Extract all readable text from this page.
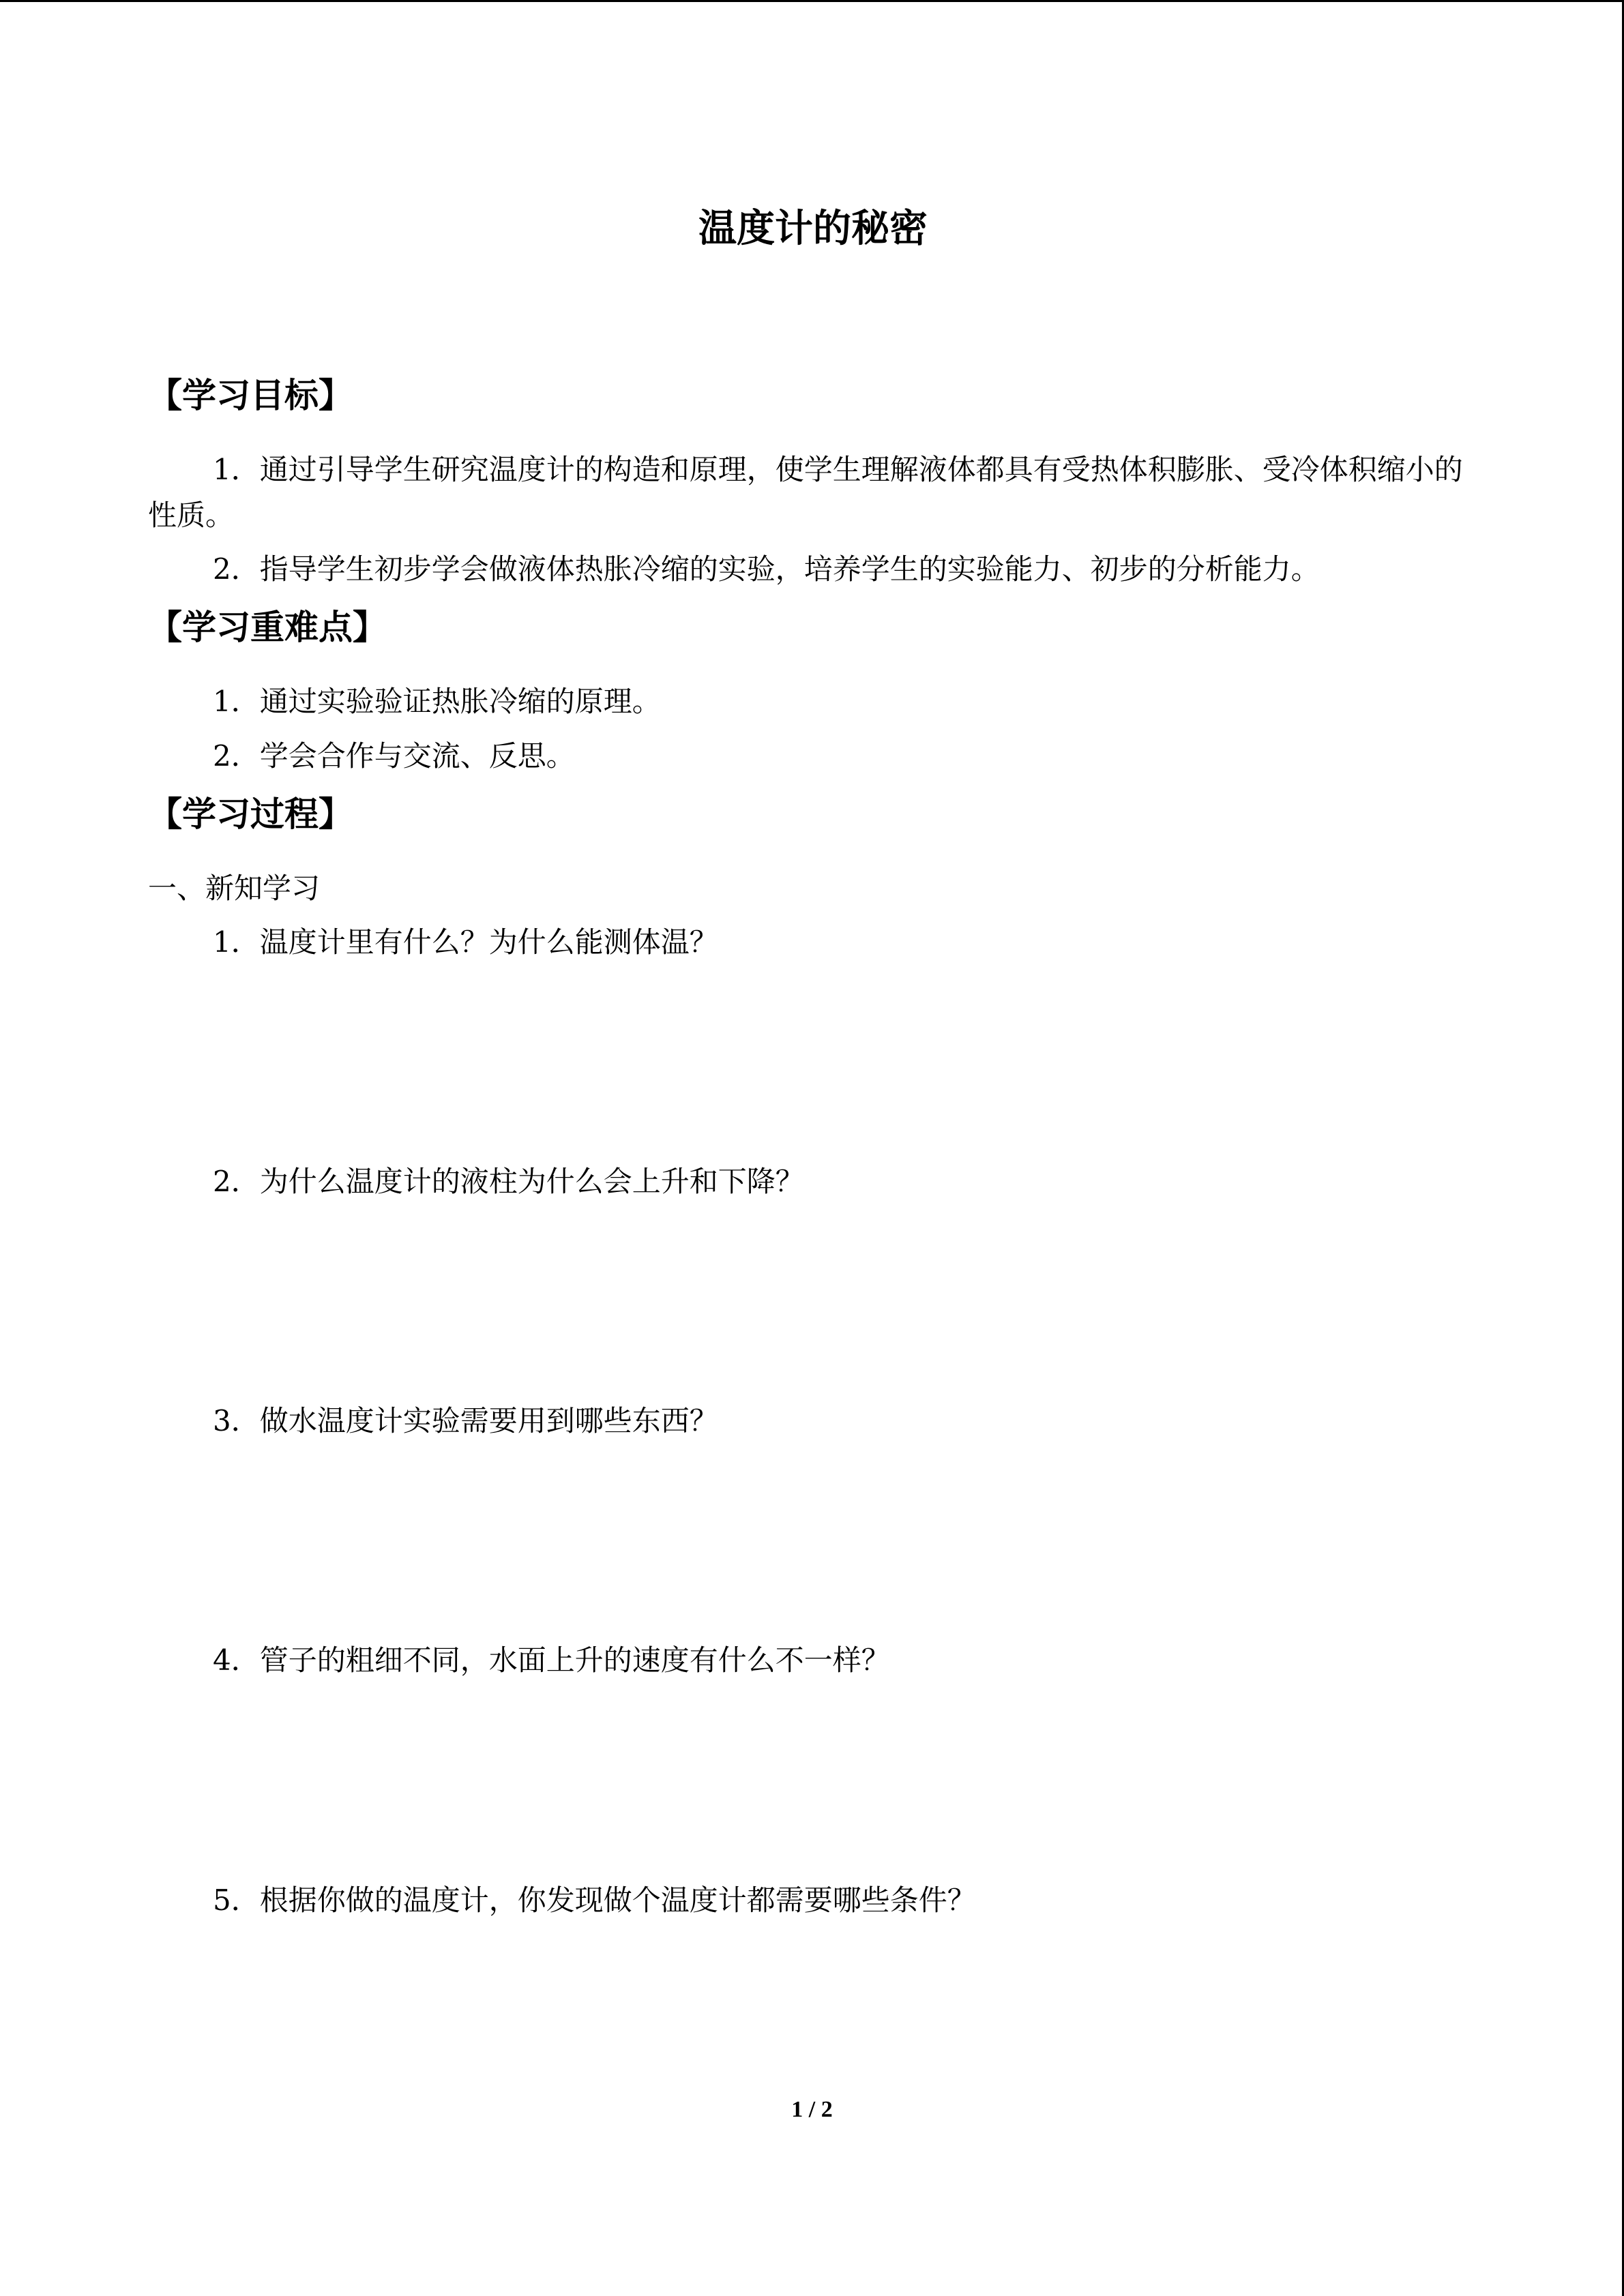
温度计的秘密
【学习目标】

1．通过引导学生研究温度计的构造和原理，使学生理解液体都具有受热体积膨胀、受冷体积缩小的性质。

2．指导学生初步学会做液体热胀冷缩的实验，培养学生的实验能力、初步的分析能力。

【学习重难点】

1．通过实验验证热胀冷缩的原理。

2．学会合作与交流、反思。

【学习过程】

一、新知学习

1．温度计里有什么？为什么能测体温？

2．为什么温度计的液柱为什么会上升和下降？

3．做水温度计实验需要用到哪些东西？

4．管子的粗细不同，水面上升的速度有什么不一样？

5．根据你做的温度计，你发现做个温度计都需要哪些条件？

1 / 2
